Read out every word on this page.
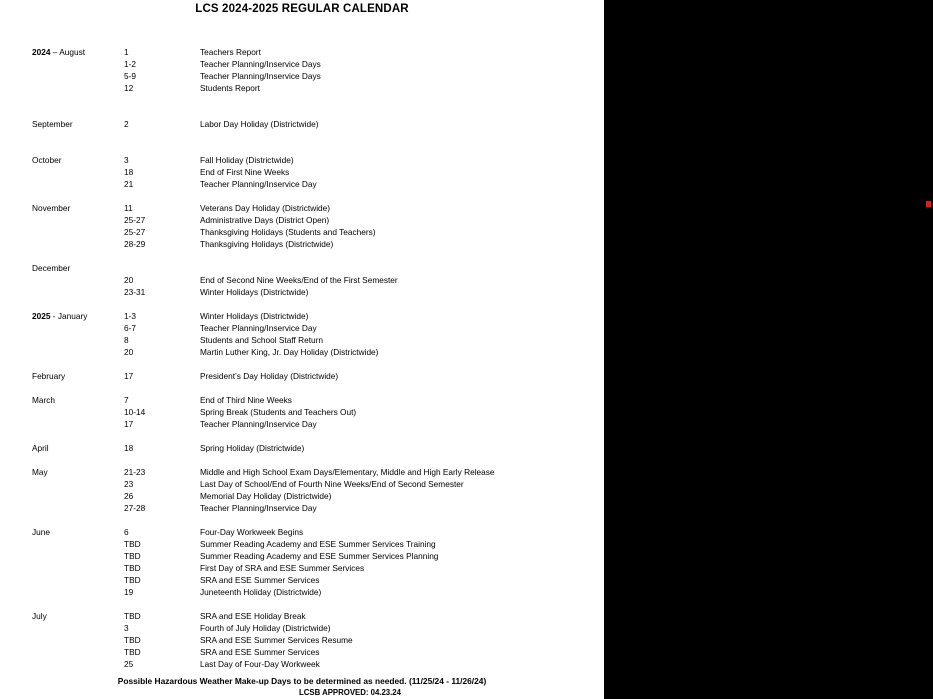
LCS 2024-2025 REGULAR CALENDAR
2024 – August	1	Teachers Report
1-2	Teacher Planning/Inservice Days
5-9	Teacher Planning/Inservice Days
12	Students Report
September	2	Labor Day Holiday (Districtwide)
October	3	Fall Holiday (Districtwide)
18	End of First Nine Weeks
21	Teacher Planning/Inservice Day
November	11	Veterans Day Holiday (Districtwide)
25-27	Administrative Days (District Open)
25-27	Thanksgiving Holidays (Students and Teachers)
28-29	Thanksgiving Holidays (Districtwide)
December
20	End of Second Nine Weeks/End of the First Semester
23-31	Winter Holidays (Districtwide)
2025 - January	1-3	Winter Holidays (Districtwide)
6-7	Teacher Planning/Inservice Day
8	Students and School Staff Return
20	Martin Luther King, Jr. Day Holiday (Districtwide)
February	17	President’s Day Holiday (Districtwide)
March	7	End of Third Nine Weeks
10-14	Spring Break (Students and Teachers Out)
17	Teacher Planning/Inservice Day
April	18	Spring Holiday (Districtwide)
May	21-23	Middle and High School Exam Days/Elementary, Middle and High Early Release
23	Last Day of School/End of Fourth Nine Weeks/End of Second Semester
26	Memorial Day Holiday (Districtwide)
27-28	Teacher Planning/Inservice Day
June	6	Four-Day Workweek Begins
TBD	Summer Reading Academy and ESE Summer Services Training
TBD	Summer Reading Academy and ESE Summer Services Planning
TBD	First Day of SRA and ESE Summer Services
TBD	SRA and ESE Summer Services
19	Juneteenth Holiday (Districtwide)
July	TBD	SRA and ESE Holiday Break
3	Fourth of July Holiday (Districtwide)
TBD	SRA and ESE Summer Services Resume
TBD	SRA and ESE Summer Services
25	Last Day of Four-Day Workweek
Possible Hazardous Weather Make-up Days to be determined as needed. (11/25/24 - 11/26/24)
LCSB APPROVED: 04.23.24
